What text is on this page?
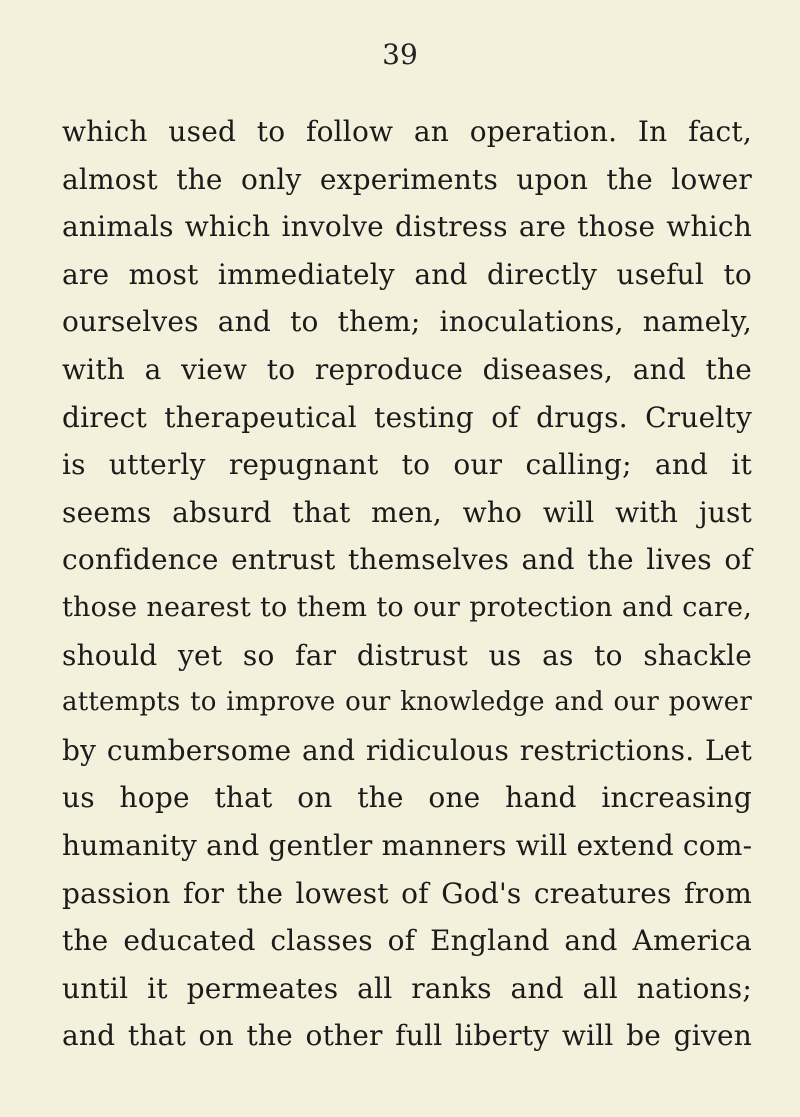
39
which used to follow an operation. In fact,
almost the only experiments upon the lower
animals which involve distress are those which
are most immediately and directly useful to
ourselves and to them; inoculations, namely,
with a view to reproduce diseases, and the
direct therapeutical testing of drugs. Cruelty
is utterly repugnant to our calling; and it
seems absurd that men, who will with just
confidence entrust themselves and the lives of
those nearest to them to our protection and care,
should yet so far distrust us as to shackle
attempts to improve our knowledge and our power
by cumbersome and ridiculous restrictions. Let
us hope that on the one hand increasing
humanity and gentler manners will extend com-
passion for the lowest of God's creatures from
the educated classes of England and America
until it permeates all ranks and all nations;
and that on the other full liberty will be given
